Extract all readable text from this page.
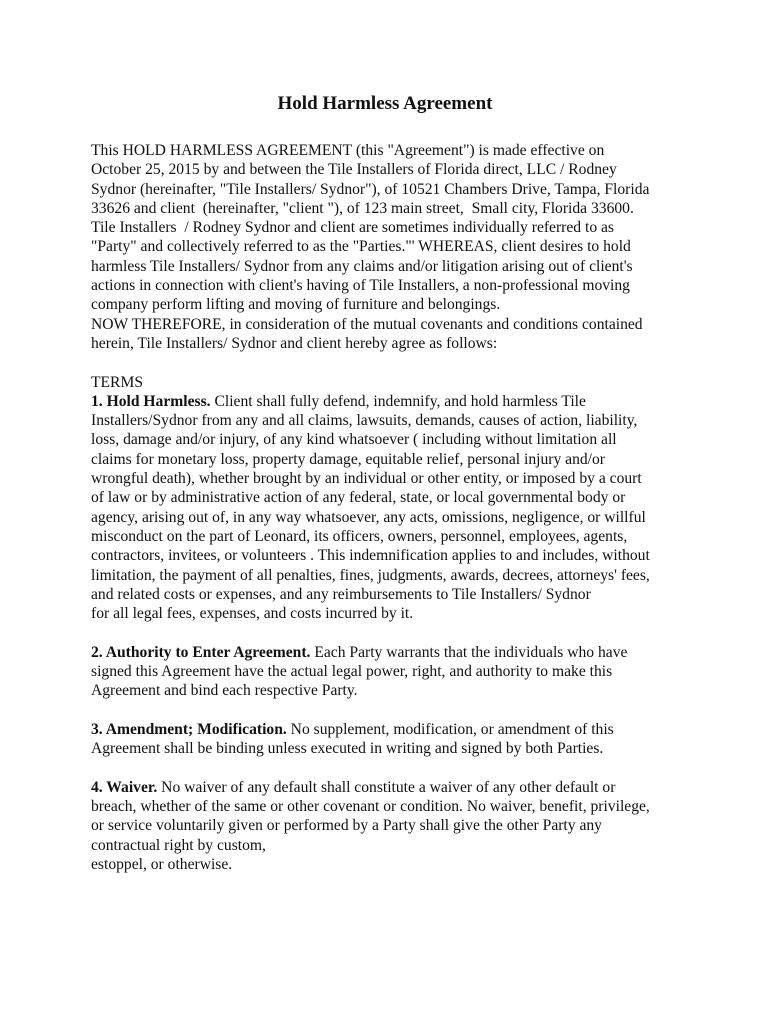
Hold Harmless Agreement
This HOLD HARMLESS AGREEMENT (this "Agreement") is made effective on
October 25, 2015 by and between the Tile Installers of Florida direct, LLC / Rodney
Sydnor (hereinafter, "Tile Installers/ Sydnor"), of 10521 Chambers Drive, Tampa, Florida
33626 and client  (hereinafter, "client "), of 123 main street,  Small city, Florida 33600.
Tile Installers  / Rodney Sydnor and client are sometimes individually referred to as
"Party" and collectively referred to as the "Parties."' WHEREAS, client desires to hold
harmless Tile Installers/ Sydnor from any claims and/or litigation arising out of client's
actions in connection with client's having of Tile Installers, a non-professional moving
company perform lifting and moving of furniture and belongings.
NOW THEREFORE, in consideration of the mutual covenants and conditions contained
herein, Tile Installers/ Sydnor and client hereby agree as follows:
TERMS
1. Hold Harmless. Client shall fully defend, indemnify, and hold harmless Tile
Installers/Sydnor from any and all claims, lawsuits, demands, causes of action, liability,
loss, damage and/or injury, of any kind whatsoever ( including without limitation all
claims for monetary loss, property damage, equitable relief, personal injury and/or
wrongful death), whether brought by an individual or other entity, or imposed by a court
of law or by administrative action of any federal, state, or local governmental body or
agency, arising out of, in any way whatsoever, any acts, omissions, negligence, or willful
misconduct on the part of Leonard, its officers, owners, personnel, employees, agents,
contractors, invitees, or volunteers . This indemnification applies to and includes, without
limitation, the payment of all penalties, fines, judgments, awards, decrees, attorneys' fees,
and related costs or expenses, and any reimbursements to Tile Installers/ Sydnor
for all legal fees, expenses, and costs incurred by it.
2. Authority to Enter Agreement. Each Party warrants that the individuals who have
signed this Agreement have the actual legal power, right, and authority to make this
Agreement and bind each respective Party.
3. Amendment; Modification. No supplement, modification, or amendment of this
Agreement shall be binding unless executed in writing and signed by both Parties.
4. Waiver. No waiver of any default shall constitute a waiver of any other default or
breach, whether of the same or other covenant or condition. No waiver, benefit, privilege,
or service voluntarily given or performed by a Party shall give the other Party any
contractual right by custom,
estoppel, or otherwise.
